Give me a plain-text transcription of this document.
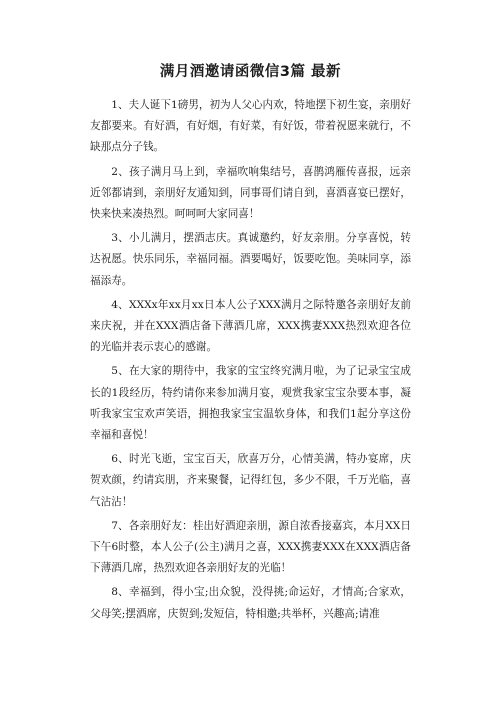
满月酒邀请函微信3篇 最新

1、夫人诞下1磅男，初为人父心内欢，特地摆下初生宴，亲朋好友都要来。有好酒，有好烟，有好菜，有好饭，带着祝愿来就行，不缺那点分子钱。

2、孩子满月马上到，幸福吹响集结号，喜鹊鸿雁传喜报，远亲近邻都请到，亲朋好友通知到，同事哥们请自到，喜酒喜宴已摆好，快来快来凑热烈。呵呵呵大家同喜！

3、小儿满月，摆酒志庆。真诚邀约，好友亲朋。分享喜悦，转达祝愿。快乐同乐，幸福同福。酒要喝好，饭要吃饱。美味同享，添福添寿。

4、XXXx年xx月xx日本人公子XXX满月之际特邀各亲朋好友前来庆祝，并在XXX酒店备下薄酒几席，XXX携妻XXX热烈欢迎各位的光临并表示衷心的感谢。

5、在大家的期待中，我家的宝宝终究满月啦，为了记录宝宝成长的1段经历，特约请你来参加满月宴，观赏我家宝宝杂要本事，凝听我家宝宝欢声笑语，拥抱我家宝宝温软身体，和我们1起分享这份幸福和喜悦！

6、时光飞逝，宝宝百天，欣喜万分，心情美满，特办宴席，庆贺欢颜，约请宾朋，齐来聚餐，记得红包，多少不限，千万光临，喜气沾沾！

7、各亲朋好友：桂出好酒迎亲朋，源自浓香接嘉宾，本月XX日下午6时整，本人公子(公主)满月之喜，XXX携妻XXX在XXX酒店备下薄酒几席，热烈欢迎各亲朋好友的光临！

8、幸福到，得小宝;出众貌，没得挑;命运好，才情高;合家欢，父母笑;摆酒席，庆贺到;发短信，特相邀;共举杯，兴趣高;请准
